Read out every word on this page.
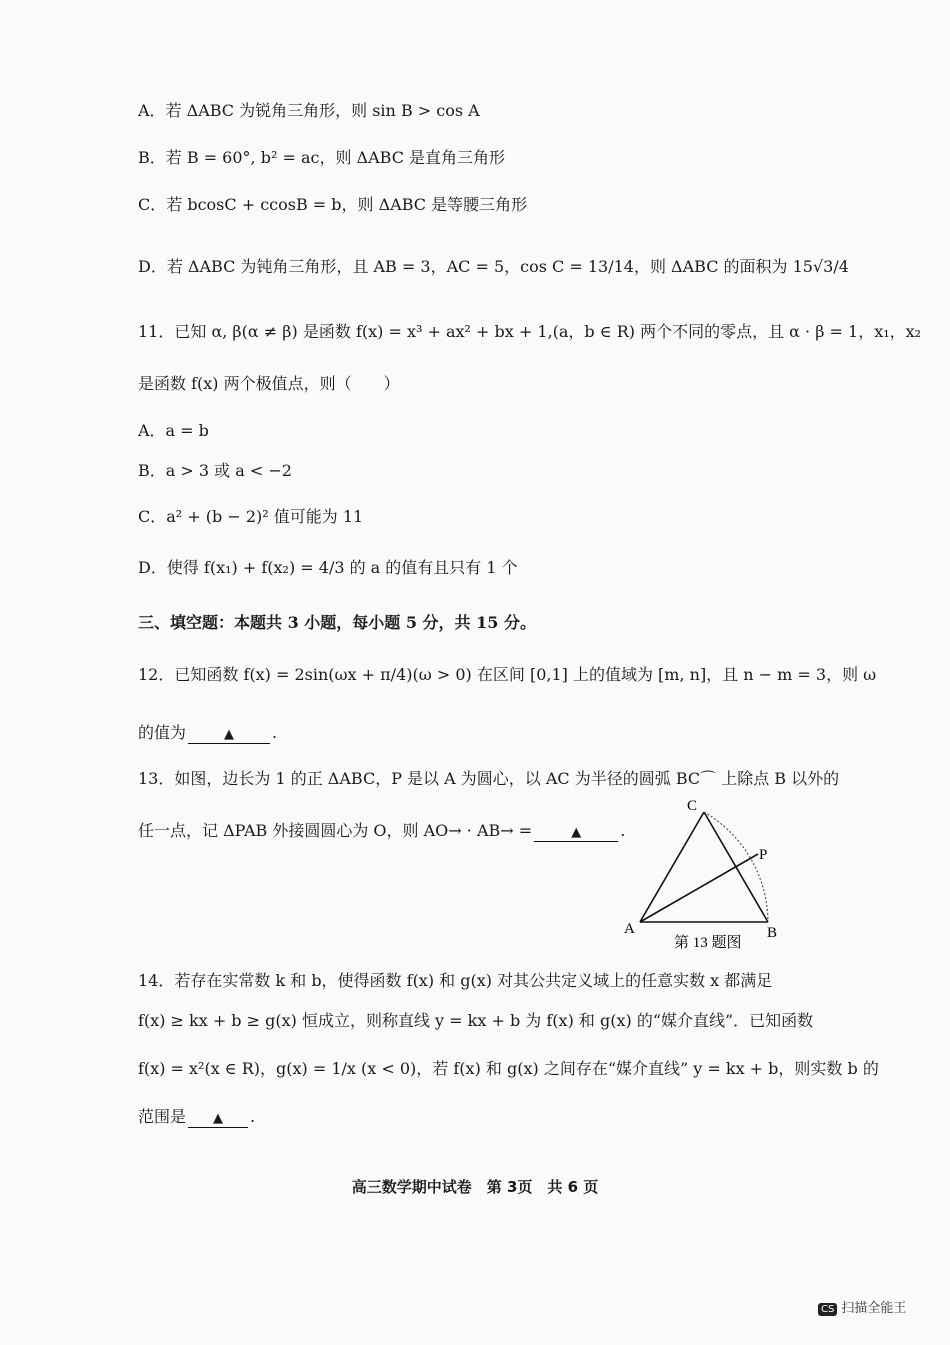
A．若 ΔABC 为锐角三角形，则 sin B > cos A
B．若 B = 60°, b² = ac，则 ΔABC 是直角三角形
C．若 bcosC + ccosB = b，则 ΔABC 是等腰三角形
D．若 ΔABC 为钝角三角形，且 AB = 3，AC = 5，cos C = 13/14，则 ΔABC 的面积为 15√3/4
11．已知 α, β(α ≠ β) 是函数 f(x) = x³ + ax² + bx + 1,(a，b ∈ R) 两个不同的零点，且 α · β = 1，x₁，x₂
是函数 f(x) 两个极值点，则（　　）
A．a = b
B．a > 3 或 a < −2
C．a² + (b − 2)² 值可能为 11
D．使得 f(x₁) + f(x₂) = 4/3 的 a 的值有且只有 1 个
三、填空题：本题共 3 小题，每小题 5 分，共 15 分。
12．已知函数 f(x) = 2sin(ωx + π/4)(ω > 0) 在区间 [0,1] 上的值域为 [m, n]，且 n − m = 3，则 ω
的值为	▲ .
13．如图，边长为 1 的正 ΔABC，P 是以 A 为圆心，以 AC 为半径的圆弧 BC⌒ 上除点 B 以外的
任一点，记 ΔPAB 外接圆圆心为 O，则 AO→ · AB→ =	▲ .
A	B
C
P
第 13 题图
14．若存在实常数 k 和 b，使得函数 f(x) 和 g(x) 对其公共定义域上的任意实数 x 都满足
f(x) ≥ kx + b ≥ g(x) 恒成立，则称直线 y = kx + b 为 f(x) 和 g(x) 的“媒介直线”．已知函数
f(x) = x²(x ∈ R)，g(x) = 1/x (x < 0)，若 f(x) 和 g(x) 之间存在“媒介直线” y = kx + b，则实数 b 的
范围是 ▲ .
高三数学期中试卷　第 3页　共 6 页
CS 扫描全能王
